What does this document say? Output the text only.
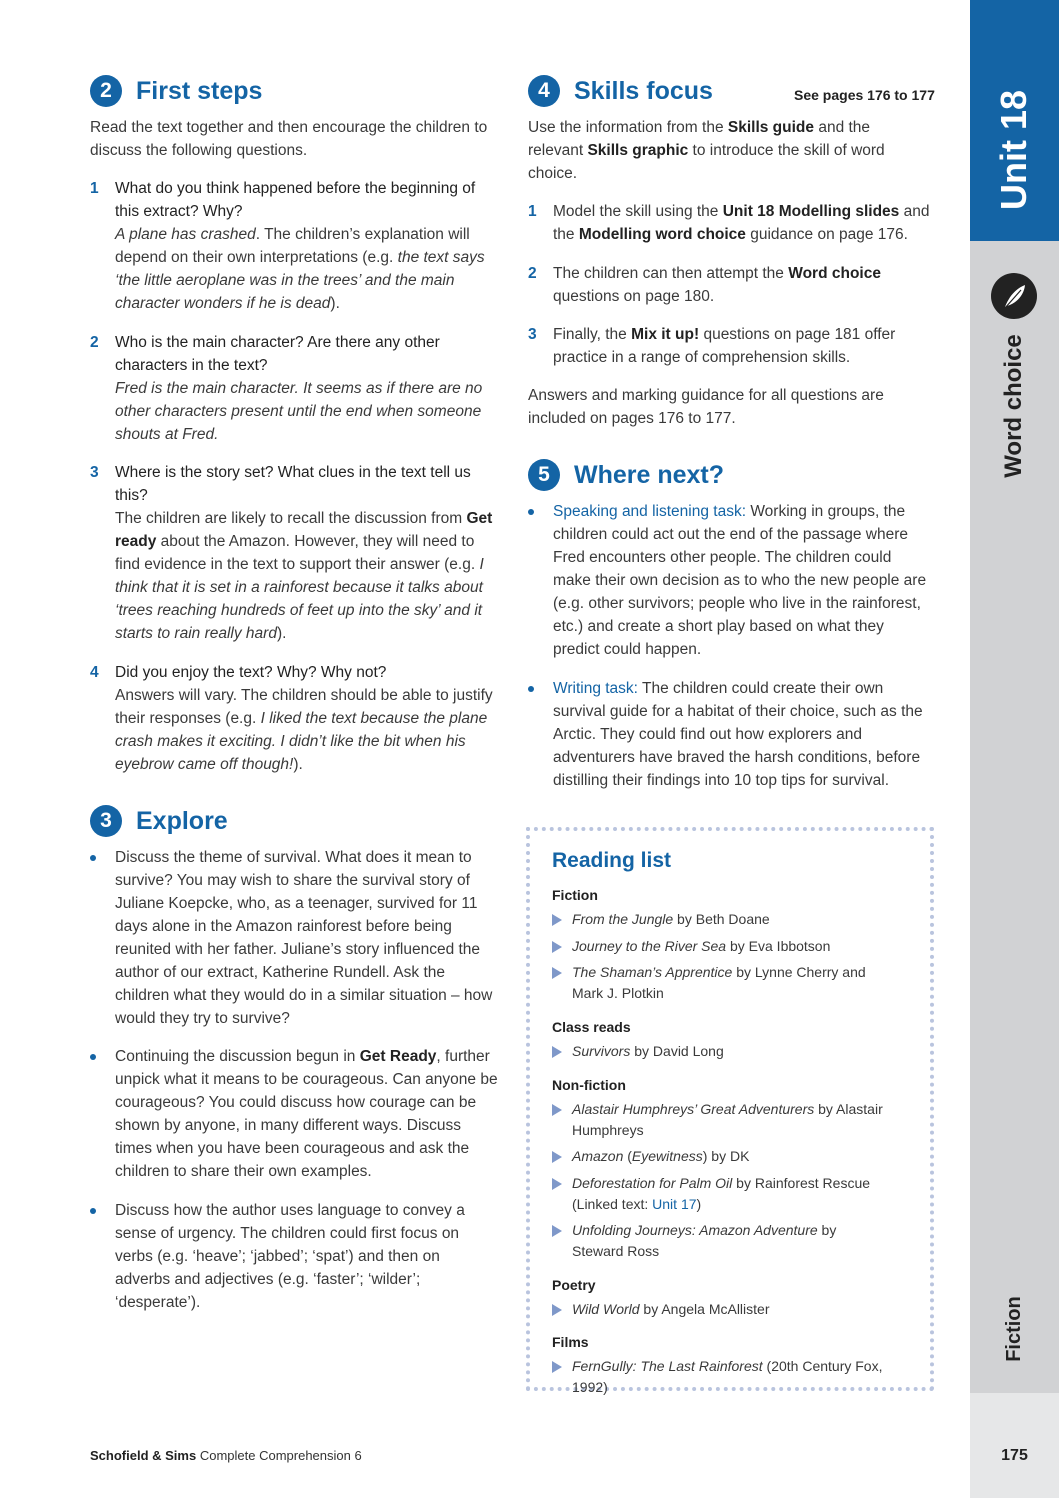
2 First steps

Read the text together and then encourage the children to discuss the following questions.

1 What do you think happened before the beginning of this extract? Why?
A plane has crashed. The children’s explanation will depend on their own interpretations (e.g. the text says ‘the little aeroplane was in the trees’ and the main character wonders if he is dead).
2 Who is the main character? Are there any other characters in the text?
Fred is the main character. It seems as if there are no other characters present until the end when someone shouts at Fred.
3 Where is the story set? What clues in the text tell us this?
The children are likely to recall the discussion from Get ready about the Amazon. However, they will need to find evidence in the text to support their answer (e.g. I think that it is set in a rainforest because it talks about ‘trees reaching hundreds of feet up into the sky’ and it starts to rain really hard).
4 Did you enjoy the text? Why? Why not?
Answers will vary. The children should be able to justify their responses (e.g. I liked the text because the plane crash makes it exciting. I didn’t like the bit when his eyebrow came off though!).
3 Explore
Discuss the theme of survival. What does it mean to survive? You may wish to share the survival story of Juliane Koepcke, who, as a teenager, survived for 11 days alone in the Amazon rainforest before being reunited with her father. Juliane’s story influenced the author of our extract, Katherine Rundell. Ask the children what they would do in a similar situation – how would they try to survive?
Continuing the discussion begun in Get Ready, further unpick what it means to be courageous. Can anyone be courageous? You could discuss how courage can be shown by anyone, in many different ways. Discuss times when you have been courageous and ask the children to share their own examples.
Discuss how the author uses language to convey a sense of urgency. The children could first focus on verbs (e.g. ‘heave’; ‘jabbed’; ‘spat’) and then on adverbs and adjectives (e.g. ‘faster’; ‘wilder’; ‘desperate’).
4 Skills focus	See pages 176 to 177

Use the information from the Skills guide and the relevant Skills graphic to introduce the skill of word choice.

1 Model the skill using the Unit 18 Modelling slides and the Modelling word choice guidance on page 176.
2 The children can then attempt the Word choice questions on page 180.
3 Finally, the Mix it up! questions on page 181 offer practice in a range of comprehension skills.

Answers and marking guidance for all questions are included on pages 176 to 177.

5 Where next?
Speaking and listening task: Working in groups, the children could act out the end of the passage where Fred encounters other people. The children could make their own decision as to who the new people are (e.g. other survivors; people who live in the rainforest, etc.) and create a short play based on what they predict could happen.
Writing task: The children could create their own survival guide for a habitat of their choice, such as the Arctic. They could find out how explorers and adventurers have braved the harsh conditions, before distilling their findings into 10 top tips for survival.
Reading list
Fiction
From the Jungle by Beth Doane
Journey to the River Sea by Eva Ibbotson
The Shaman’s Apprentice by Lynne Cherry and Mark J. Plotkin
Class reads
Survivors by David Long
Non-fiction
Alastair Humphreys’ Great Adventurers by Alastair Humphreys
Amazon (Eyewitness) by DK
Deforestation for Palm Oil by Rainforest Rescue (Linked text: Unit 17)
Unfolding Journeys: Amazon Adventure by Steward Ross
Poetry
Wild World by Angela McAllister
Films
FernGully: The Last Rainforest (20th Century Fox, 1992)
Unit 18
Word choice
Fiction
175
Schofield & Sims Complete Comprehension 6
